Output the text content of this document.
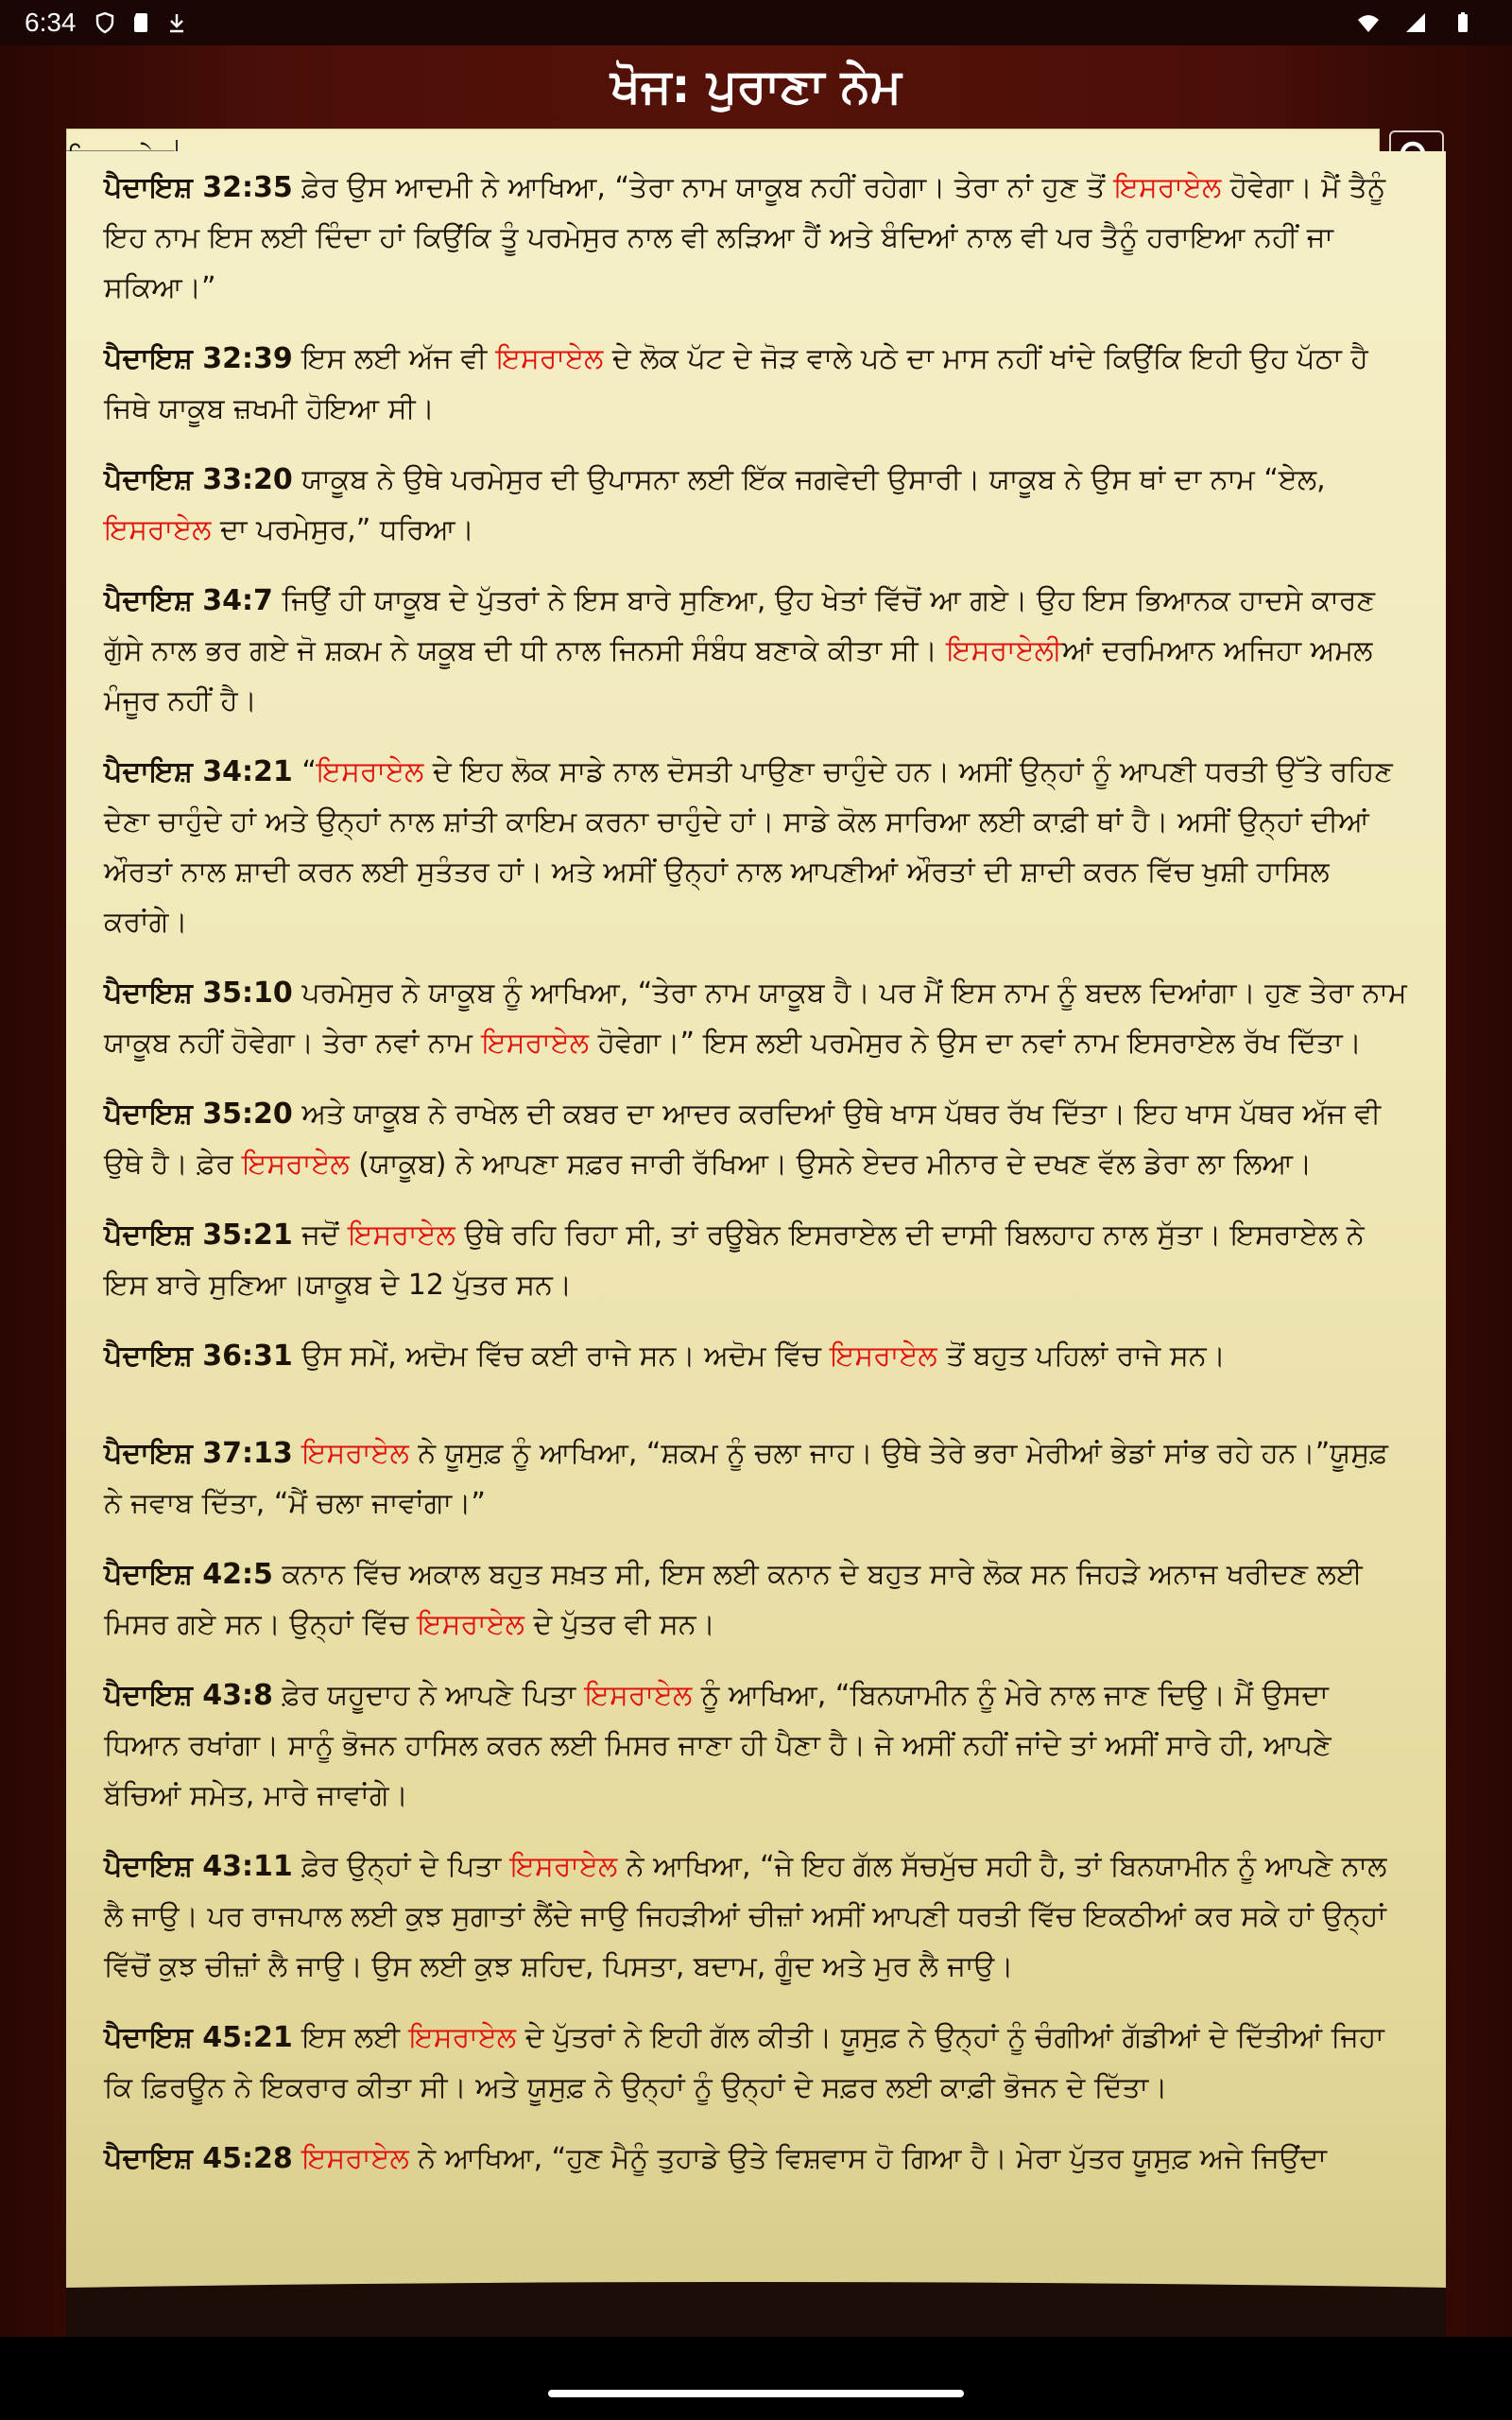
6:34
ਖੋਜ: ਪੁਰਾਣਾ ਨੇਮ

ਪੈਦਾਇਸ਼ 32:35 ਫ਼ੇਰ ਉਸ ਆਦਮੀ ਨੇ ਆਖਿਆ, “ਤੇਰਾ ਨਾਮ ਯਾਕੂਬ ਨਹੀਂ ਰਹੇਗਾ। ਤੇਰਾ ਨਾਂ ਹੁਣ ਤੋਂ ਇਸਰਾਏਲ ਹੋਵੇਗਾ। ਮੈਂ ਤੈਨੂੰ ਇਹ ਨਾਮ ਇਸ ਲਈ ਦਿੰਦਾ ਹਾਂ ਕਿਉਂਕਿ ਤੂੰ ਪਰਮੇਸੁਰ ਨਾਲ ਵੀ ਲੜਿਆ ਹੈਂ ਅਤੇ ਬੰਦਿਆਂ ਨਾਲ ਵੀ ਪਰ ਤੈਨੂੰ ਹਰਾਇਆ ਨਹੀਂ ਜਾ ਸਕਿਆ।”

ਪੈਦਾਇਸ਼ 32:39 ਇਸ ਲਈ ਅੱਜ ਵੀ ਇਸਰਾਏਲ ਦੇ ਲੋਕ ਪੱਟ ਦੇ ਜੋੜ ਵਾਲੇ ਪਠੇ ਦਾ ਮਾਸ ਨਹੀਂ ਖਾਂਦੇ ਕਿਉਂਕਿ ਇਹੀ ਉਹ ਪੱਠਾ ਹੈ ਜਿਥੇ ਯਾਕੂਬ ਜ਼ਖਮੀ ਹੋਇਆ ਸੀ।

ਪੈਦਾਇਸ਼ 33:20 ਯਾਕੂਬ ਨੇ ਉਥੇ ਪਰਮੇਸੁਰ ਦੀ ਉਪਾਸਨਾ ਲਈ ਇੱਕ ਜਗਵੇਦੀ ਉਸਾਰੀ। ਯਾਕੂਬ ਨੇ ਉਸ ਥਾਂ ਦਾ ਨਾਮ “ਏਲ, ਇਸਰਾਏਲ ਦਾ ਪਰਮੇਸੁਰ,” ਧਰਿਆ।

ਪੈਦਾਇਸ਼ 34:7 ਜਿਉਂ ਹੀ ਯਾਕੂਬ ਦੇ ਪੁੱਤਰਾਂ ਨੇ ਇਸ ਬਾਰੇ ਸੁਣਿਆ, ਉਹ ਖੇਤਾਂ ਵਿੱਚੋਂ ਆ ਗਏ। ਉਹ ਇਸ ਭਿਆਨਕ ਹਾਦਸੇ ਕਾਰਣ ਗੁੱਸੇ ਨਾਲ ਭਰ ਗਏ ਜੋ ਸ਼ਕਮ ਨੇ ਯਕੂਬ ਦੀ ਧੀ ਨਾਲ ਜਿਨਸੀ ਸੰਬੰਧ ਬਣਾਕੇ ਕੀਤਾ ਸੀ। ਇਸਰਾਏਲੀਆਂ ਦਰਮਿਆਨ ਅਜਿਹਾ ਅਮਲ ਮੰਜੂਰ ਨਹੀਂ ਹੈ।

ਪੈਦਾਇਸ਼ 34:21 “ਇਸਰਾਏਲ ਦੇ ਇਹ ਲੋਕ ਸਾਡੇ ਨਾਲ ਦੋਸਤੀ ਪਾਉਣਾ ਚਾਹੁੰਦੇ ਹਨ। ਅਸੀਂ ਉਨ੍ਹਾਂ ਨੂੰ ਆਪਣੀ ਧਰਤੀ ਉੱਤੇ ਰਹਿਣ ਦੇਣਾ ਚਾਹੁੰਦੇ ਹਾਂ ਅਤੇ ਉਨ੍ਹਾਂ ਨਾਲ ਸ਼ਾਂਤੀ ਕਾਇਮ ਕਰਨਾ ਚਾਹੁੰਦੇ ਹਾਂ। ਸਾਡੇ ਕੋਲ ਸਾਰਿਆ ਲਈ ਕਾਫ਼ੀ ਥਾਂ ਹੈ। ਅਸੀਂ ਉਨ੍ਹਾਂ ਦੀਆਂ ਔਰਤਾਂ ਨਾਲ ਸ਼ਾਦੀ ਕਰਨ ਲਈ ਸੁਤੰਤਰ ਹਾਂ। ਅਤੇ ਅਸੀਂ ਉਨ੍ਹਾਂ ਨਾਲ ਆਪਣੀਆਂ ਔਰਤਾਂ ਦੀ ਸ਼ਾਦੀ ਕਰਨ ਵਿੱਚ ਖੁਸ਼ੀ ਹਾਸਿਲ ਕਰਾਂਗੇ।

ਪੈਦਾਇਸ਼ 35:10 ਪਰਮੇਸੁਰ ਨੇ ਯਾਕੂਬ ਨੂੰ ਆਖਿਆ, “ਤੇਰਾ ਨਾਮ ਯਾਕੂਬ ਹੈ। ਪਰ ਮੈਂ ਇਸ ਨਾਮ ਨੂੰ ਬਦਲ ਦਿਆਂਗਾ। ਹੁਣ ਤੇਰਾ ਨਾਮ ਯਾਕੂਬ ਨਹੀਂ ਹੋਵੇਗਾ। ਤੇਰਾ ਨਵਾਂ ਨਾਮ ਇਸਰਾਏਲ ਹੋਵੇਗਾ।” ਇਸ ਲਈ ਪਰਮੇਸੁਰ ਨੇ ਉਸ ਦਾ ਨਵਾਂ ਨਾਮ ਇਸਰਾਏਲ ਰੱਖ ਦਿੱਤਾ।

ਪੈਦਾਇਸ਼ 35:20 ਅਤੇ ਯਾਕੂਬ ਨੇ ਰਾਖੇਲ ਦੀ ਕਬਰ ਦਾ ਆਦਰ ਕਰਦਿਆਂ ਉਥੇ ਖਾਸ ਪੱਥਰ ਰੱਖ ਦਿੱਤਾ। ਇਹ ਖਾਸ ਪੱਥਰ ਅੱਜ ਵੀ ਉਥੇ ਹੈ। ਫ਼ੇਰ ਇਸਰਾਏਲ (ਯਾਕੂਬ) ਨੇ ਆਪਣਾ ਸਫ਼ਰ ਜਾਰੀ ਰੱਖਿਆ। ਉਸਨੇ ਏਦਰ ਮੀਨਾਰ ਦੇ ਦਖਣ ਵੱਲ ਡੇਰਾ ਲਾ ਲਿਆ।

ਪੈਦਾਇਸ਼ 35:21 ਜਦੋਂ ਇਸਰਾਏਲ ਉਥੇ ਰਹਿ ਰਿਹਾ ਸੀ, ਤਾਂ ਰਊਬੇਨ ਇਸਰਾਏਲ ਦੀ ਦਾਸੀ ਬਿਲਹਾਹ ਨਾਲ ਸੁੱਤਾ। ਇਸਰਾਏਲ ਨੇ ਇਸ ਬਾਰੇ ਸੁਣਿਆ।ਯਾਕੂਬ ਦੇ 12 ਪੁੱਤਰ ਸਨ।

ਪੈਦਾਇਸ਼ 36:31 ਉਸ ਸਮੇਂ, ਅਦੋਮ ਵਿੱਚ ਕਈ ਰਾਜੇ ਸਨ। ਅਦੋਮ ਵਿੱਚ ਇਸਰਾਏਲ ਤੋਂ ਬਹੁਤ ਪਹਿਲਾਂ ਰਾਜੇ ਸਨ।

ਪੈਦਾਇਸ਼ 37:13 ਇਸਰਾਏਲ ਨੇ ਯੂਸੁਫ਼ ਨੂੰ ਆਖਿਆ, “ਸ਼ਕਮ ਨੂੰ ਚਲਾ ਜਾਹ। ਉਥੇ ਤੇਰੇ ਭਰਾ ਮੇਰੀਆਂ ਭੇਡਾਂ ਸਾਂਭ ਰਹੇ ਹਨ।”ਯੂਸੁਫ਼ ਨੇ ਜਵਾਬ ਦਿੱਤਾ, “ਮੈਂ ਚਲਾ ਜਾਵਾਂਗਾ।”

ਪੈਦਾਇਸ਼ 42:5 ਕਨਾਨ ਵਿੱਚ ਅਕਾਲ ਬਹੁਤ ਸਖ਼ਤ ਸੀ, ਇਸ ਲਈ ਕਨਾਨ ਦੇ ਬਹੁਤ ਸਾਰੇ ਲੋਕ ਸਨ ਜਿਹੜੇ ਅਨਾਜ ਖਰੀਦਣ ਲਈ ਮਿਸਰ ਗਏ ਸਨ। ਉਨ੍ਹਾਂ ਵਿੱਚ ਇਸਰਾਏਲ ਦੇ ਪੁੱਤਰ ਵੀ ਸਨ।

ਪੈਦਾਇਸ਼ 43:8 ਫ਼ੇਰ ਯਹੂਦਾਹ ਨੇ ਆਪਣੇ ਪਿਤਾ ਇਸਰਾਏਲ ਨੂੰ ਆਖਿਆ, “ਬਿਨਯਾਮੀਨ ਨੂੰ ਮੇਰੇ ਨਾਲ ਜਾਣ ਦਿਉ। ਮੈਂ ਉਸਦਾ ਧਿਆਨ ਰਖਾਂਗਾ। ਸਾਨੂੰ ਭੋਜਨ ਹਾਸਿਲ ਕਰਨ ਲਈ ਮਿਸਰ ਜਾਣਾ ਹੀ ਪੈਣਾ ਹੈ। ਜੇ ਅਸੀਂ ਨਹੀਂ ਜਾਂਦੇ ਤਾਂ ਅਸੀਂ ਸਾਰੇ ਹੀ, ਆਪਣੇ ਬੱਚਿਆਂ ਸਮੇਤ, ਮਾਰੇ ਜਾਵਾਂਗੇ।

ਪੈਦਾਇਸ਼ 43:11 ਫ਼ੇਰ ਉਨ੍ਹਾਂ ਦੇ ਪਿਤਾ ਇਸਰਾਏਲ ਨੇ ਆਖਿਆ, “ਜੇ ਇਹ ਗੱਲ ਸੱਚਮੁੱਚ ਸਹੀ ਹੈ, ਤਾਂ ਬਿਨਯਾਮੀਨ ਨੂੰ ਆਪਣੇ ਨਾਲ ਲੈ ਜਾਉ। ਪਰ ਰਾਜਪਾਲ ਲਈ ਕੁਝ ਸੁਗਾਤਾਂ ਲੈਂਦੇ ਜਾਉ ਜਿਹੜੀਆਂ ਚੀਜ਼ਾਂ ਅਸੀਂ ਆਪਣੀ ਧਰਤੀ ਵਿੱਚ ਇਕਠੀਆਂ ਕਰ ਸਕੇ ਹਾਂ ਉਨ੍ਹਾਂ ਵਿੱਚੋਂ ਕੁਝ ਚੀਜ਼ਾਂ ਲੈ ਜਾਉ। ਉਸ ਲਈ ਕੁਝ ਸ਼ਹਿਦ, ਪਿਸਤਾ, ਬਦਾਮ, ਗੂੰਦ ਅਤੇ ਮੁਰ ਲੈ ਜਾਉ।

ਪੈਦਾਇਸ਼ 45:21 ਇਸ ਲਈ ਇਸਰਾਏਲ ਦੇ ਪੁੱਤਰਾਂ ਨੇ ਇਹੀ ਗੱਲ ਕੀਤੀ। ਯੂਸੁਫ਼ ਨੇ ਉਨ੍ਹਾਂ ਨੂੰ ਚੰਗੀਆਂ ਗੱਡੀਆਂ ਦੇ ਦਿੱਤੀਆਂ ਜਿਹਾ ਕਿ ਫ਼ਿਰਊਨ ਨੇ ਇਕਰਾਰ ਕੀਤਾ ਸੀ। ਅਤੇ ਯੂਸੁਫ਼ ਨੇ ਉਨ੍ਹਾਂ ਨੂੰ ਉਨ੍ਹਾਂ ਦੇ ਸਫ਼ਰ ਲਈ ਕਾਫ਼ੀ ਭੋਜਨ ਦੇ ਦਿੱਤਾ।

ਪੈਦਾਇਸ਼ 45:28 ਇਸਰਾਏਲ ਨੇ ਆਖਿਆ, “ਹੁਣ ਮੈਨੂੰ ਤੁਹਾਡੇ ਉਤੇ ਵਿਸ਼ਵਾਸ ਹੋ ਗਿਆ ਹੈ। ਮੇਰਾ ਪੁੱਤਰ ਯੂਸੁਫ਼ ਅਜੇ ਜਿਉਂਦਾ
